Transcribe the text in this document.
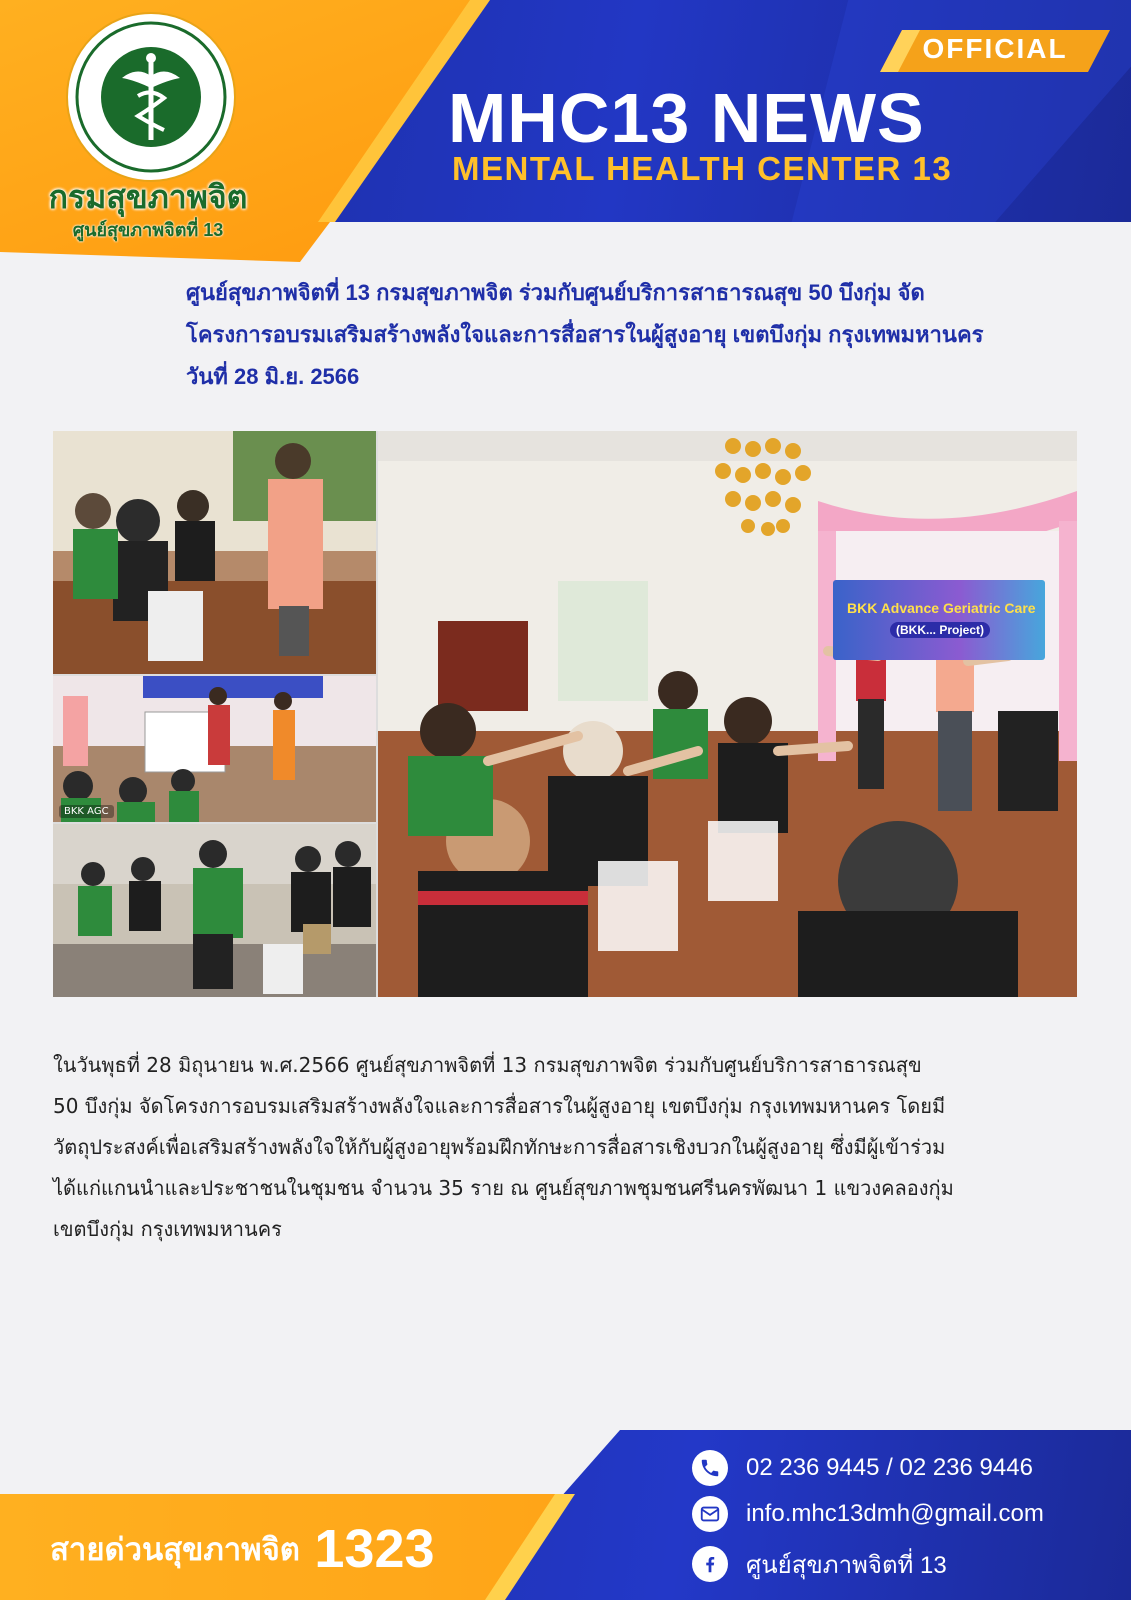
กรมสุขภาพจิต
ศูนย์สุขภาพจิตที่ 13
OFFICIAL
MHC13 NEWS
MENTAL HEALTH CENTER 13
ศูนย์สุขภาพจิตที่ 13 กรมสุขภาพจิต ร่วมกับศูนย์บริการสาธารณสุข 50 บึงกุ่ม จัด
โครงการอบรมเสริมสร้างพลังใจและการสื่อสารในผู้สูงอายุ เขตบึงกุ่ม กรุงเทพมหานคร
วันที่ 28 มิ.ย. 2566
BKK AGC
BKK Advance Geriatric Care
(BKK... Project)
ในวันพุธที่ 28 มิถุนายน พ.ศ.2566 ศูนย์สุขภาพจิตที่ 13 กรมสุขภาพจิต ร่วมกับศูนย์บริการสาธารณสุข
50 บึงกุ่ม จัดโครงการอบรมเสริมสร้างพลังใจและการสื่อสารในผู้สูงอายุ เขตบึงกุ่ม กรุงเทพมหานคร โดยมี
วัตถุประสงค์เพื่อเสริมสร้างพลังใจให้กับผู้สูงอายุพร้อมฝึกทักษะการสื่อสารเชิงบวกในผู้สูงอายุ ซึ่งมีผู้เข้าร่วม
ได้แก่แกนนำและประชาชนในชุมชน จำนวน 35 ราย ณ ศูนย์สุขภาพชุมชนศรีนครพัฒนา 1 แขวงคลองกุ่ม
เขตบึงกุ่ม กรุงเทพมหานคร
สายด่วนสุขภาพจิต 1323
02 236 9445 / 02 236 9446
info.mhc13dmh@gmail.com
ศูนย์สุขภาพจิตที่ 13
